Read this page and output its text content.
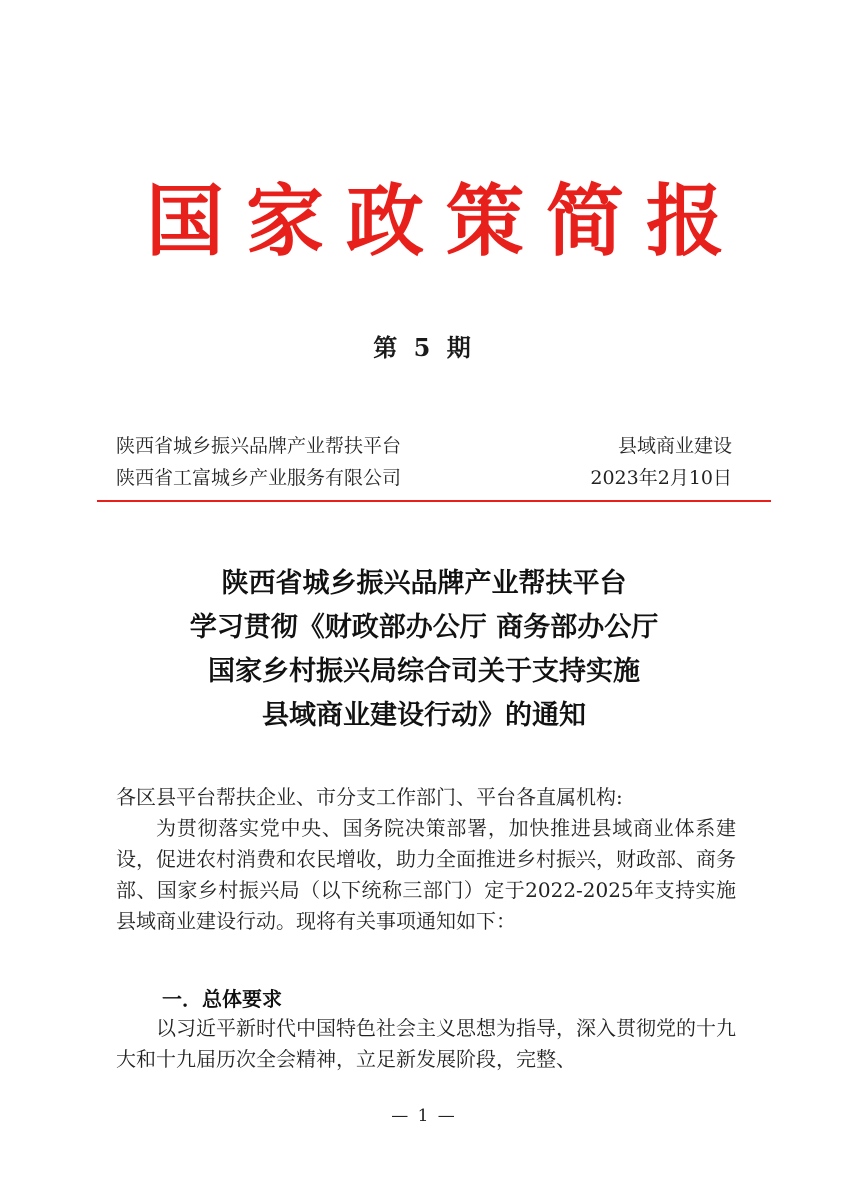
国家政策简报
第 5 期
陕西省城乡振兴品牌产业帮扶平台
陕西省工富城乡产业服务有限公司
县域商业建设
2023年2月10日
陕西省城乡振兴品牌产业帮扶平台
学习贯彻《财政部办公厅 商务部办公厅
国家乡村振兴局综合司关于支持实施
县域商业建设行动》的通知

各区县平台帮扶企业、市分支工作部门、平台各直属机构:

为贯彻落实党中央、国务院决策部署，加快推进县域商业体系建设，促进农村消费和农民增收，助力全面推进乡村振兴，财政部、商务部、国家乡村振兴局（以下统称三部门）定于2022-2025年支持实施县域商业建设行动。现将有关事项通知如下：

一．总体要求

以习近平新时代中国特色社会主义思想为指导，深入贯彻党的十九大和十九届历次全会精神，立足新发展阶段，完整、

— 1 —
